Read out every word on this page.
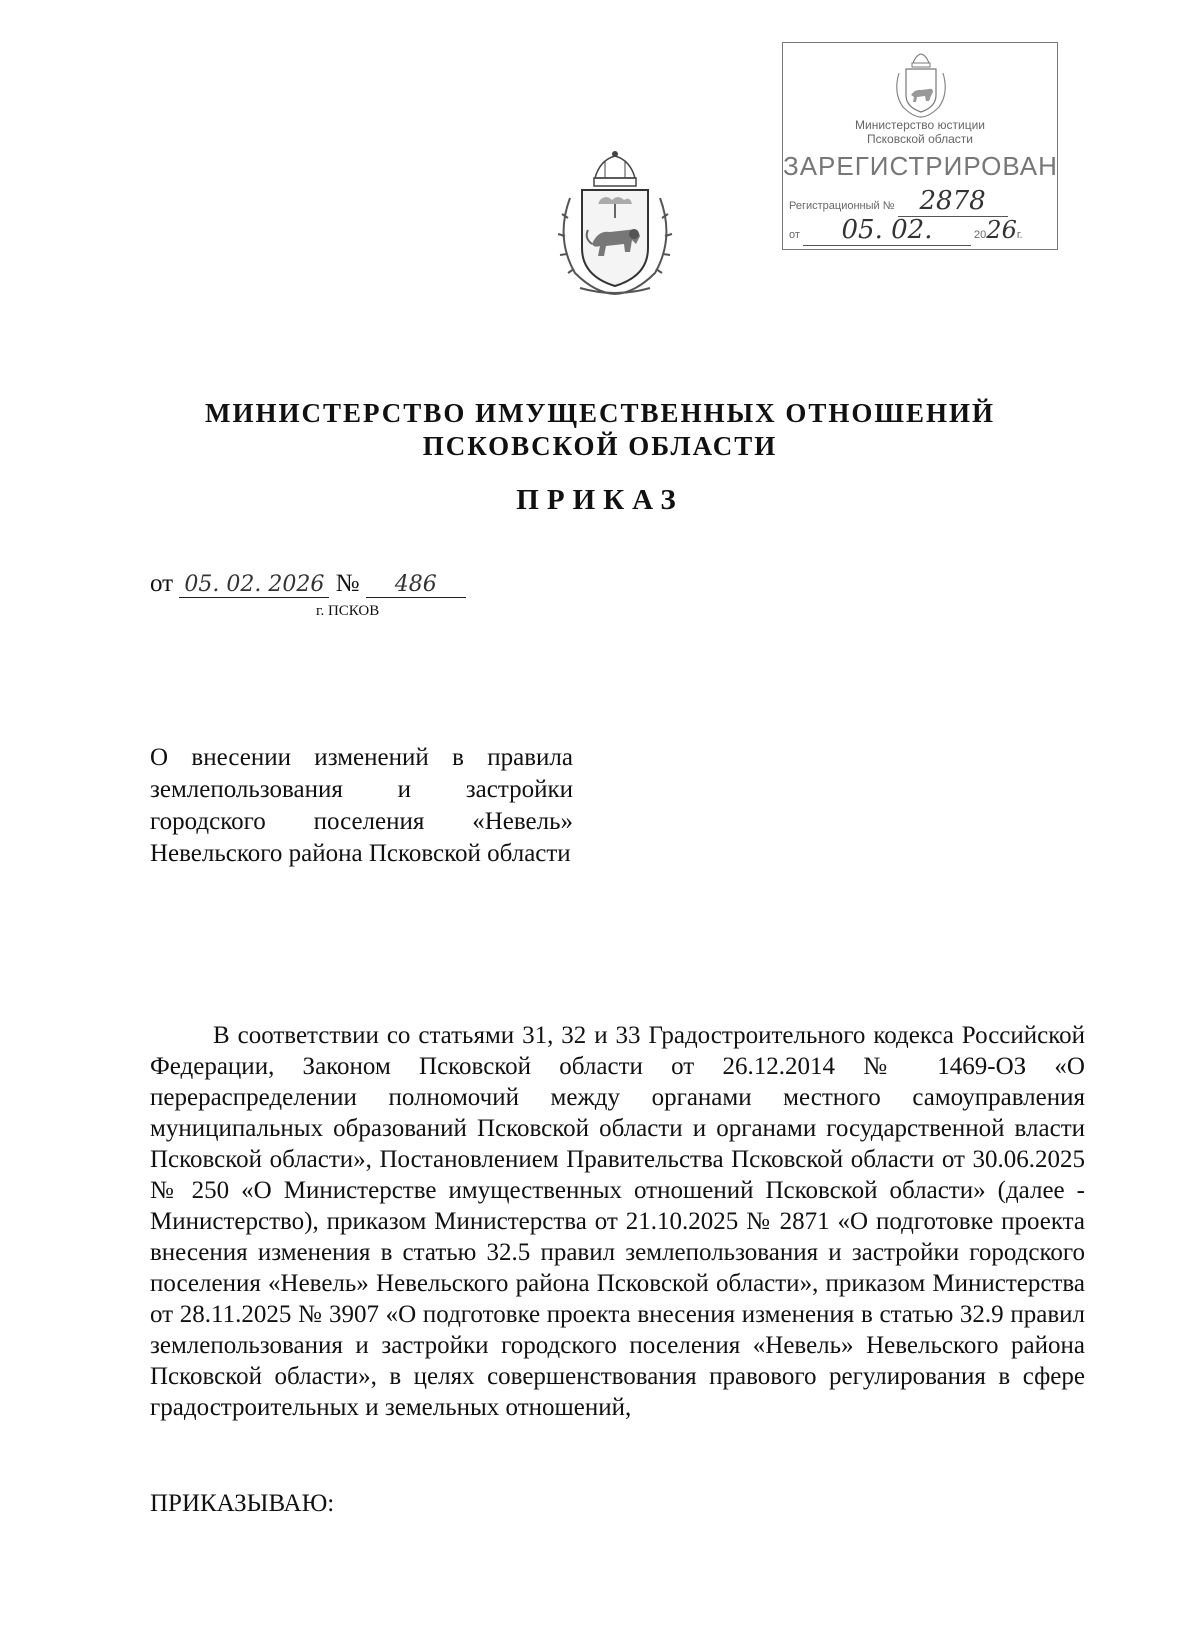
Министерство юстиции
Псковской области
ЗАРЕГИСТРИРОВАН
Регистрационный № 2878
от 05. 02.	2026г.
МИНИСТЕРСТВО ИМУЩЕСТВЕННЫХ ОТНОШЕНИЙ
ПСКОВСКОЙ ОБЛАСТИ
ПРИКАЗ
от 05. 02. 2026 № 486
г. ПСКОВ
О внесении изменений в правила землепользования и застройки городского поселения «Невель» Невельского района Псковской области
В соответствии со статьями 31, 32 и 33 Градостроительного кодекса Российской Федерации, Законом Псковской области от 26.12.2014 № 1469-ОЗ «О перераспределении полномочий между органами местного самоуправления муниципальных образований Псковской области и органами государственной власти Псковской области», Постановлением Правительства Псковской области от 30.06.2025 № 250 «О Министерстве имущественных отношений Псковской области» (далее - Министерство), приказом Министерства от 21.10.2025 № 2871 «О подготовке проекта внесения изменения в статью 32.5 правил землепользования и застройки городского поселения «Невель» Невельского района Псковской области», приказом Министерства от 28.11.2025 № 3907 «О подготовке проекта внесения изменения в статью 32.9 правил землепользования и застройки городского поселения «Невель» Невельского района Псковской области», в целях совершенствования правового регулирования в сфере градостроительных и земельных отношений,
ПРИКАЗЫВАЮ:
